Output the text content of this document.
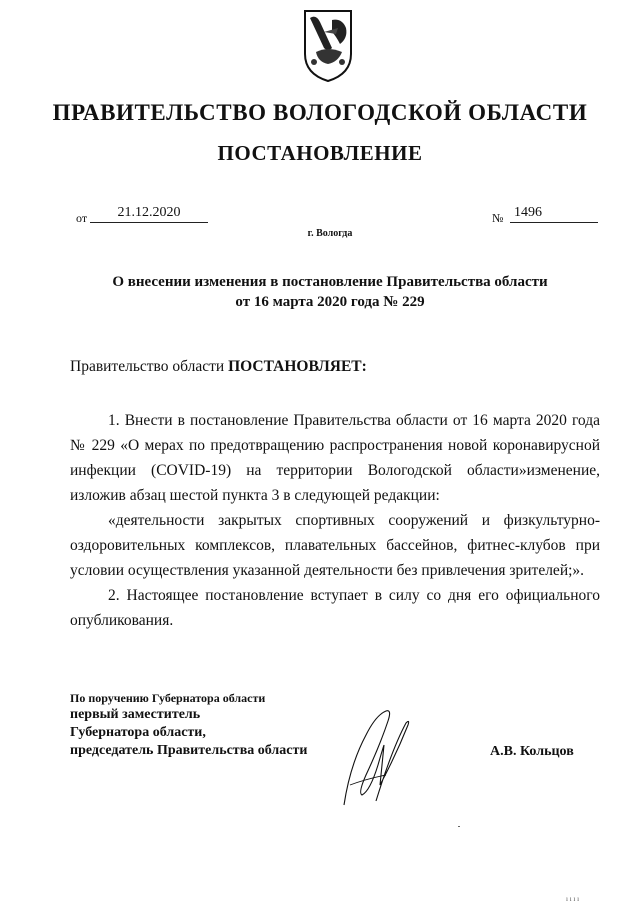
ПРАВИТЕЛЬСТВО ВОЛОГОДСКОЙ ОБЛАСТИ
ПОСТАНОВЛЕНИЕ
от	21.12.2020	№ 1496
г. Вологда
О внесении изменения в постановление Правительства области
от 16 марта 2020 года № 229
Правительство области ПОСТАНОВЛЯЕТ:

1. Внести в постановление Правительства области от 16 марта 2020 года № 229 «О мерах по предотвращению распространения новой коронавирусной инфекции (COVID-19) на территории Вологодской области»изменение, изложив абзац шестой пункта 3 в следующей редакции:

«деятельности закрытых спортивных сооружений и физкультурно-оздоровительных комплексов, плавательных бассейнов, фитнес-клубов при условии осуществления указанной деятельности без привлечения зрителей;».

2. Настоящее постановление вступает в силу со дня его официального опубликования.

По поручению Губернатора области
первый заместитель
Губернатора области,
председатель Правительства области	А.В. Кольцов
ı ı ı ı
